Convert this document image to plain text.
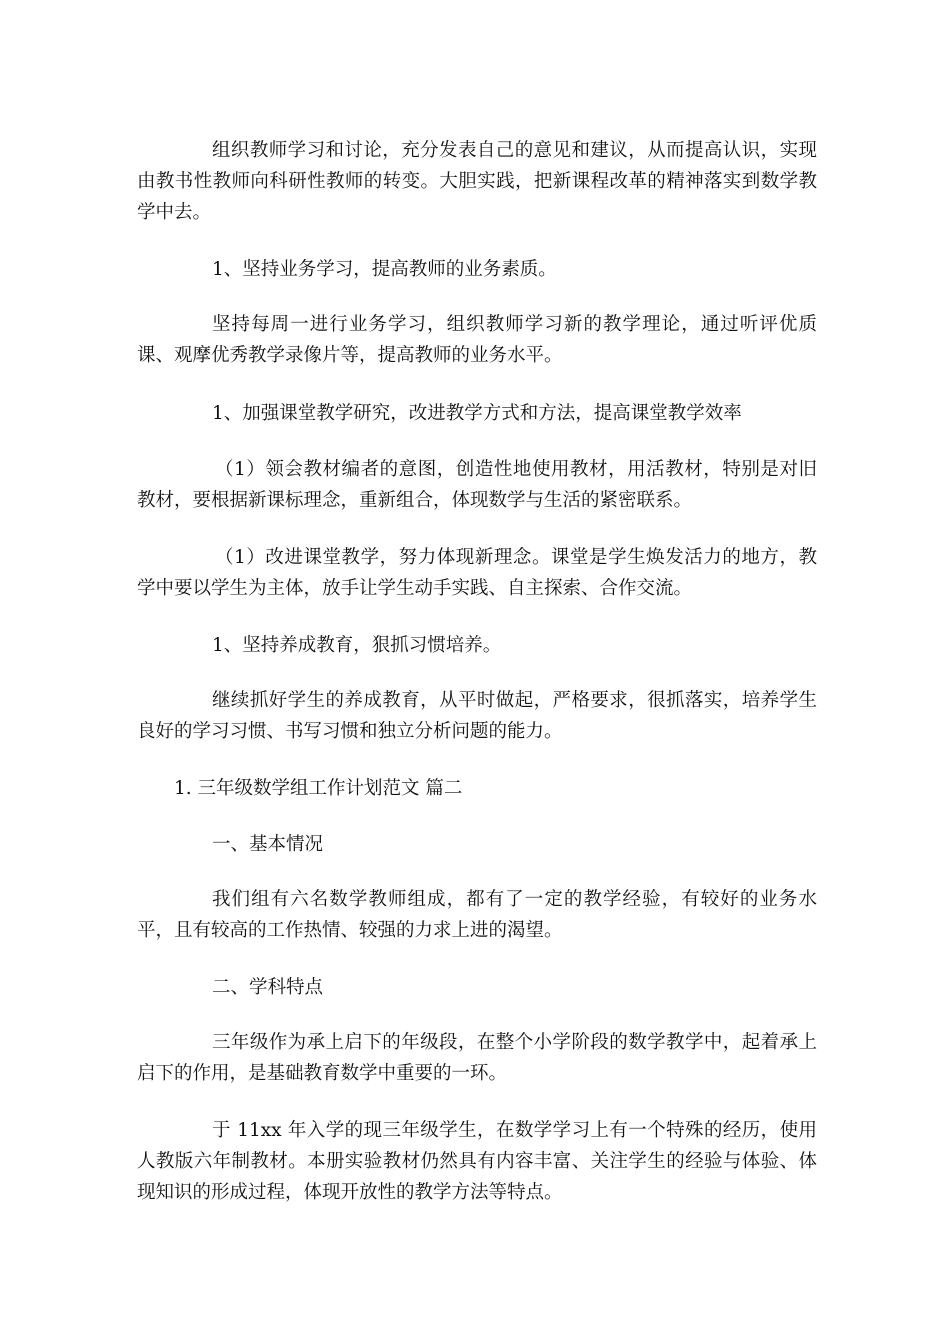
组织教师学习和讨论，充分发表自己的意见和建议，从而提高认识，实现由教书性教师向科研性教师的转变。大胆实践，把新课程改革的精神落实到数学教学中去。

1、坚持业务学习，提高教师的业务素质。

坚持每周一进行业务学习，组织教师学习新的教学理论，通过听评优质课、观摩优秀教学录像片等，提高教师的业务水平。

1、加强课堂教学研究，改进教学方式和方法，提高课堂教学效率

（1）领会教材编者的意图，创造性地使用教材，用活教材，特别是对旧教材，要根据新课标理念，重新组合，体现数学与生活的紧密联系。

（1）改进课堂教学，努力体现新理念。课堂是学生焕发活力的地方，教学中要以学生为主体，放手让学生动手实践、自主探索、合作交流。

1、坚持养成教育，狠抓习惯培养。

继续抓好学生的养成教育，从平时做起，严格要求，很抓落实，培养学生良好的学习习惯、书写习惯和独立分析问题的能力。

1. 三年级数学组工作计划范文 篇二

一、基本情况

我们组有六名数学教师组成，都有了一定的教学经验，有较好的业务水平，且有较高的工作热情、较强的力求上进的渴望。

二、学科特点

三年级作为承上启下的年级段，在整个小学阶段的数学教学中，起着承上启下的作用，是基础教育数学中重要的一环。

于 11xx 年入学的现三年级学生，在数学学习上有一个特殊的经历，使用人教版六年制教材。本册实验教材仍然具有内容丰富、关注学生的经验与体验、体现知识的形成过程，体现开放性的教学方法等特点。
